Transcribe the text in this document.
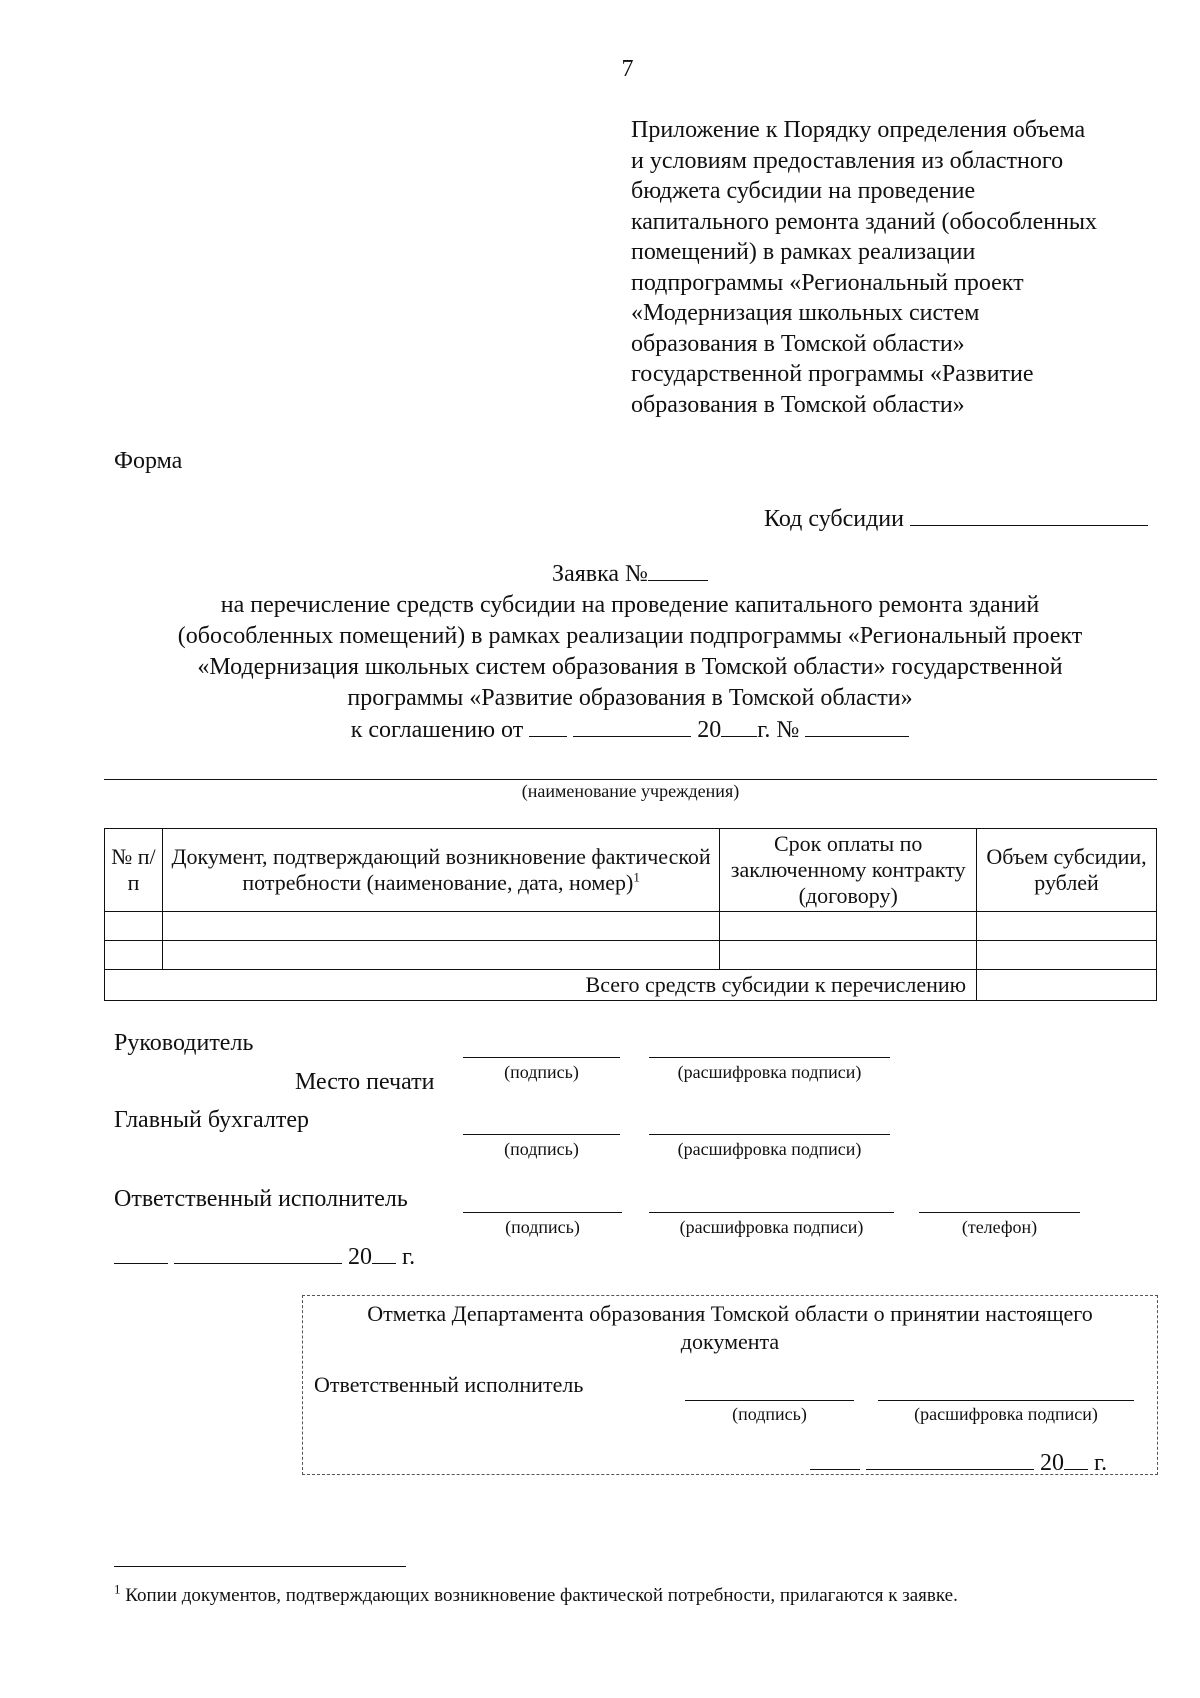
7
Приложение к Порядку определения объема
и условиям предоставления из областного
бюджета субсидии на проведение
капитального ремонта зданий (обособленных
помещений) в рамках реализации
подпрограммы «Региональный проект
«Модернизация школьных систем
образования в Томской области»
государственной программы «Развитие
образования в Томской области»
Форма
Код субсидии
Заявка №
на перечисление средств субсидии на проведение капитального ремонта зданий
(обособленных помещений) в рамках реализации подпрограммы «Региональный проект
«Модернизация школьных систем образования в Томской области» государственной
программы «Развитие образования в Томской области»
к соглашению от	20 г. №
(наименование учреждения)
№ п/п	Документ, подтверждающий возникновение фактической потребности (наименование, дата, номер)$^1$	Срок оплаты по заключенному контракту (договору)	Объем субсидии, рублей

Всего средств субсидии к перечислению			
Руководитель
(подпись)	(расшифровка подписи)
Место печати
Главный бухгалтер
(подпись)	(расшифровка подписи)
Ответственный исполнитель
(подпись)	(расшифровка подписи)	(телефон)
20 г.
Отметка Департамента образования Томской области о принятии настоящего
документа
Ответственный исполнитель
(подпись)	(расшифровка подписи)
20 г.
$^1$ Копии документов, подтверждающих возникновение фактической потребности, прилагаются к заявке.
